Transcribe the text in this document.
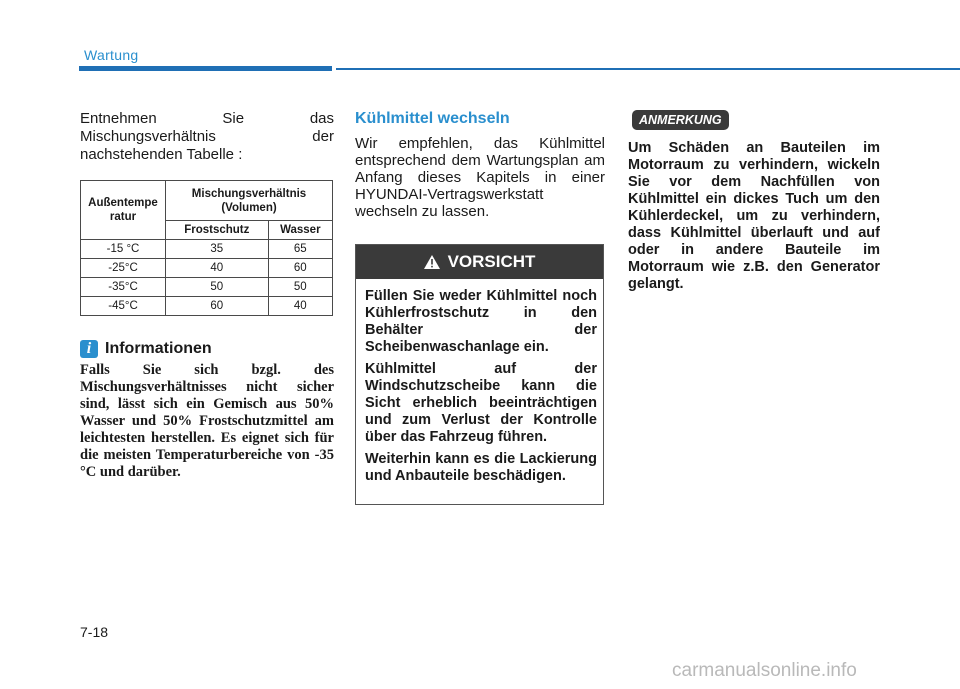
Wartung
Entnehmen Sie das
Mischungsverhältnis der
nachstehenden Tabelle :
Außentempe ratur	Mischungsverhältnis (Volumen)	
	Frostschutz	Wasser
-15 °C	35	65
-25°C	40	60
-35°C	50	50
-45°C	60	40
i Informationen
Falls Sie sich bzgl. des Mischungsverhältnisses nicht sicher sind, lässt sich ein Gemisch aus 50% Wasser und 50% Frostschutzmittel am leichtesten herstellen. Es eignet sich für die meisten Temperaturbereiche von -35 °C und darüber.
Kühlmittel wechseln
Wir empfehlen, das Kühlmittel entsprechend dem Wartungsplan am Anfang dieses Kapitels in einer HYUNDAI-Vertragswerkstatt wechseln zu lassen.
VORSICHT

Füllen Sie weder Kühlmittel noch Kühlerfrostschutz in den Behälter der Scheibenwaschanlage ein.

Kühlmittel auf der Windschutzscheibe kann die Sicht erheblich beeinträchtigen und zum Verlust der Kontrolle über das Fahrzeug führen.

Weiterhin kann es die Lackierung und Anbauteile beschädigen.

ANMERKUNG
Um Schäden an Bauteilen im Motorraum zu verhindern, wickeln Sie vor dem Nachfüllen von Kühlmittel ein dickes Tuch um den Kühlerdeckel, um zu verhindern, dass Kühlmittel überlauft und auf oder in andere Bauteile im Motorraum wie z.B. den Generator gelangt.
7-18
carmanualsonline.info
